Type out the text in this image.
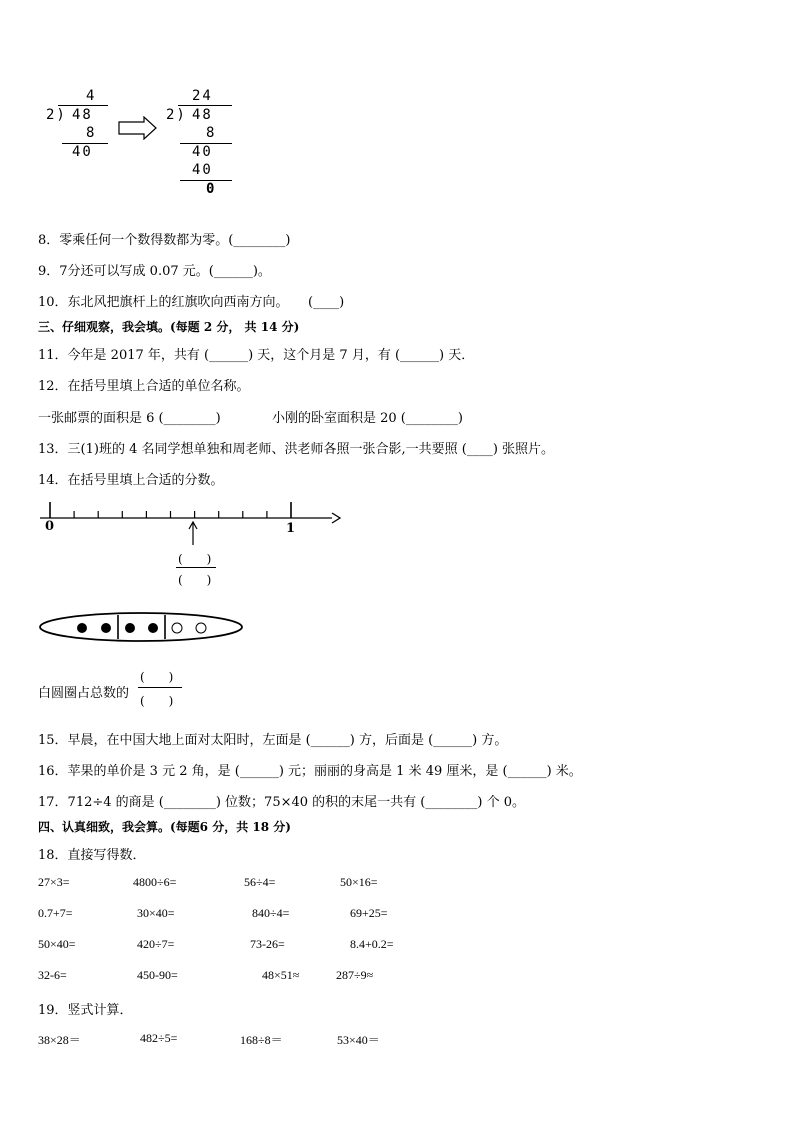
4
2) 48
8
40
24
2) 48
8
40
40
0
8．零乘任何一个数得数都为零。(________)
9．7分还可以写成 0.07 元。(______)。
10．东北风把旗杆上的红旗吹向西南方向。　　(____)
三、仔细观察，我会填。(每题 2 分， 共 14 分)
11．今年是 2017 年，共有 (______) 天，这个月是 7 月，有 (______) 天．
12．在括号里填上合适的单位名称。
一张邮票的面积是 6 (________)	小刚的卧室面积是 20 (________)
13．三(1)班的 4 名同学想单独和周老师、洪老师各照一张合影,一共要照 (____) 张照片。
14．在括号里填上合适的分数。
0	1
(　　)
(　　)
白圆圈占总数的
(　　)
(　　)
15．早晨，在中国大地上面对太阳时，左面是 (______) 方，后面是 (______) 方。
16．苹果的单价是 3 元 2 角，是 (______) 元；丽丽的身高是 1 米 49 厘米，是 (______) 米。
17．712÷4 的商是 (________) 位数；75×40 的积的末尾一共有 (________) 个 0。
四、认真细致，我会算。(每题6 分，共 18 分)
18．直接写得数．
27×3=	4800÷6=	56÷4=	50×16=
0.7+7=	30×40=	840÷4=	69+25=
50×40=	420÷7=	73-26=	8.4+0.2=
32-6=	450-90=	48×51≈	287÷9≈
19．竖式计算．
38×28＝	482÷5=	168÷8＝	53×40＝
